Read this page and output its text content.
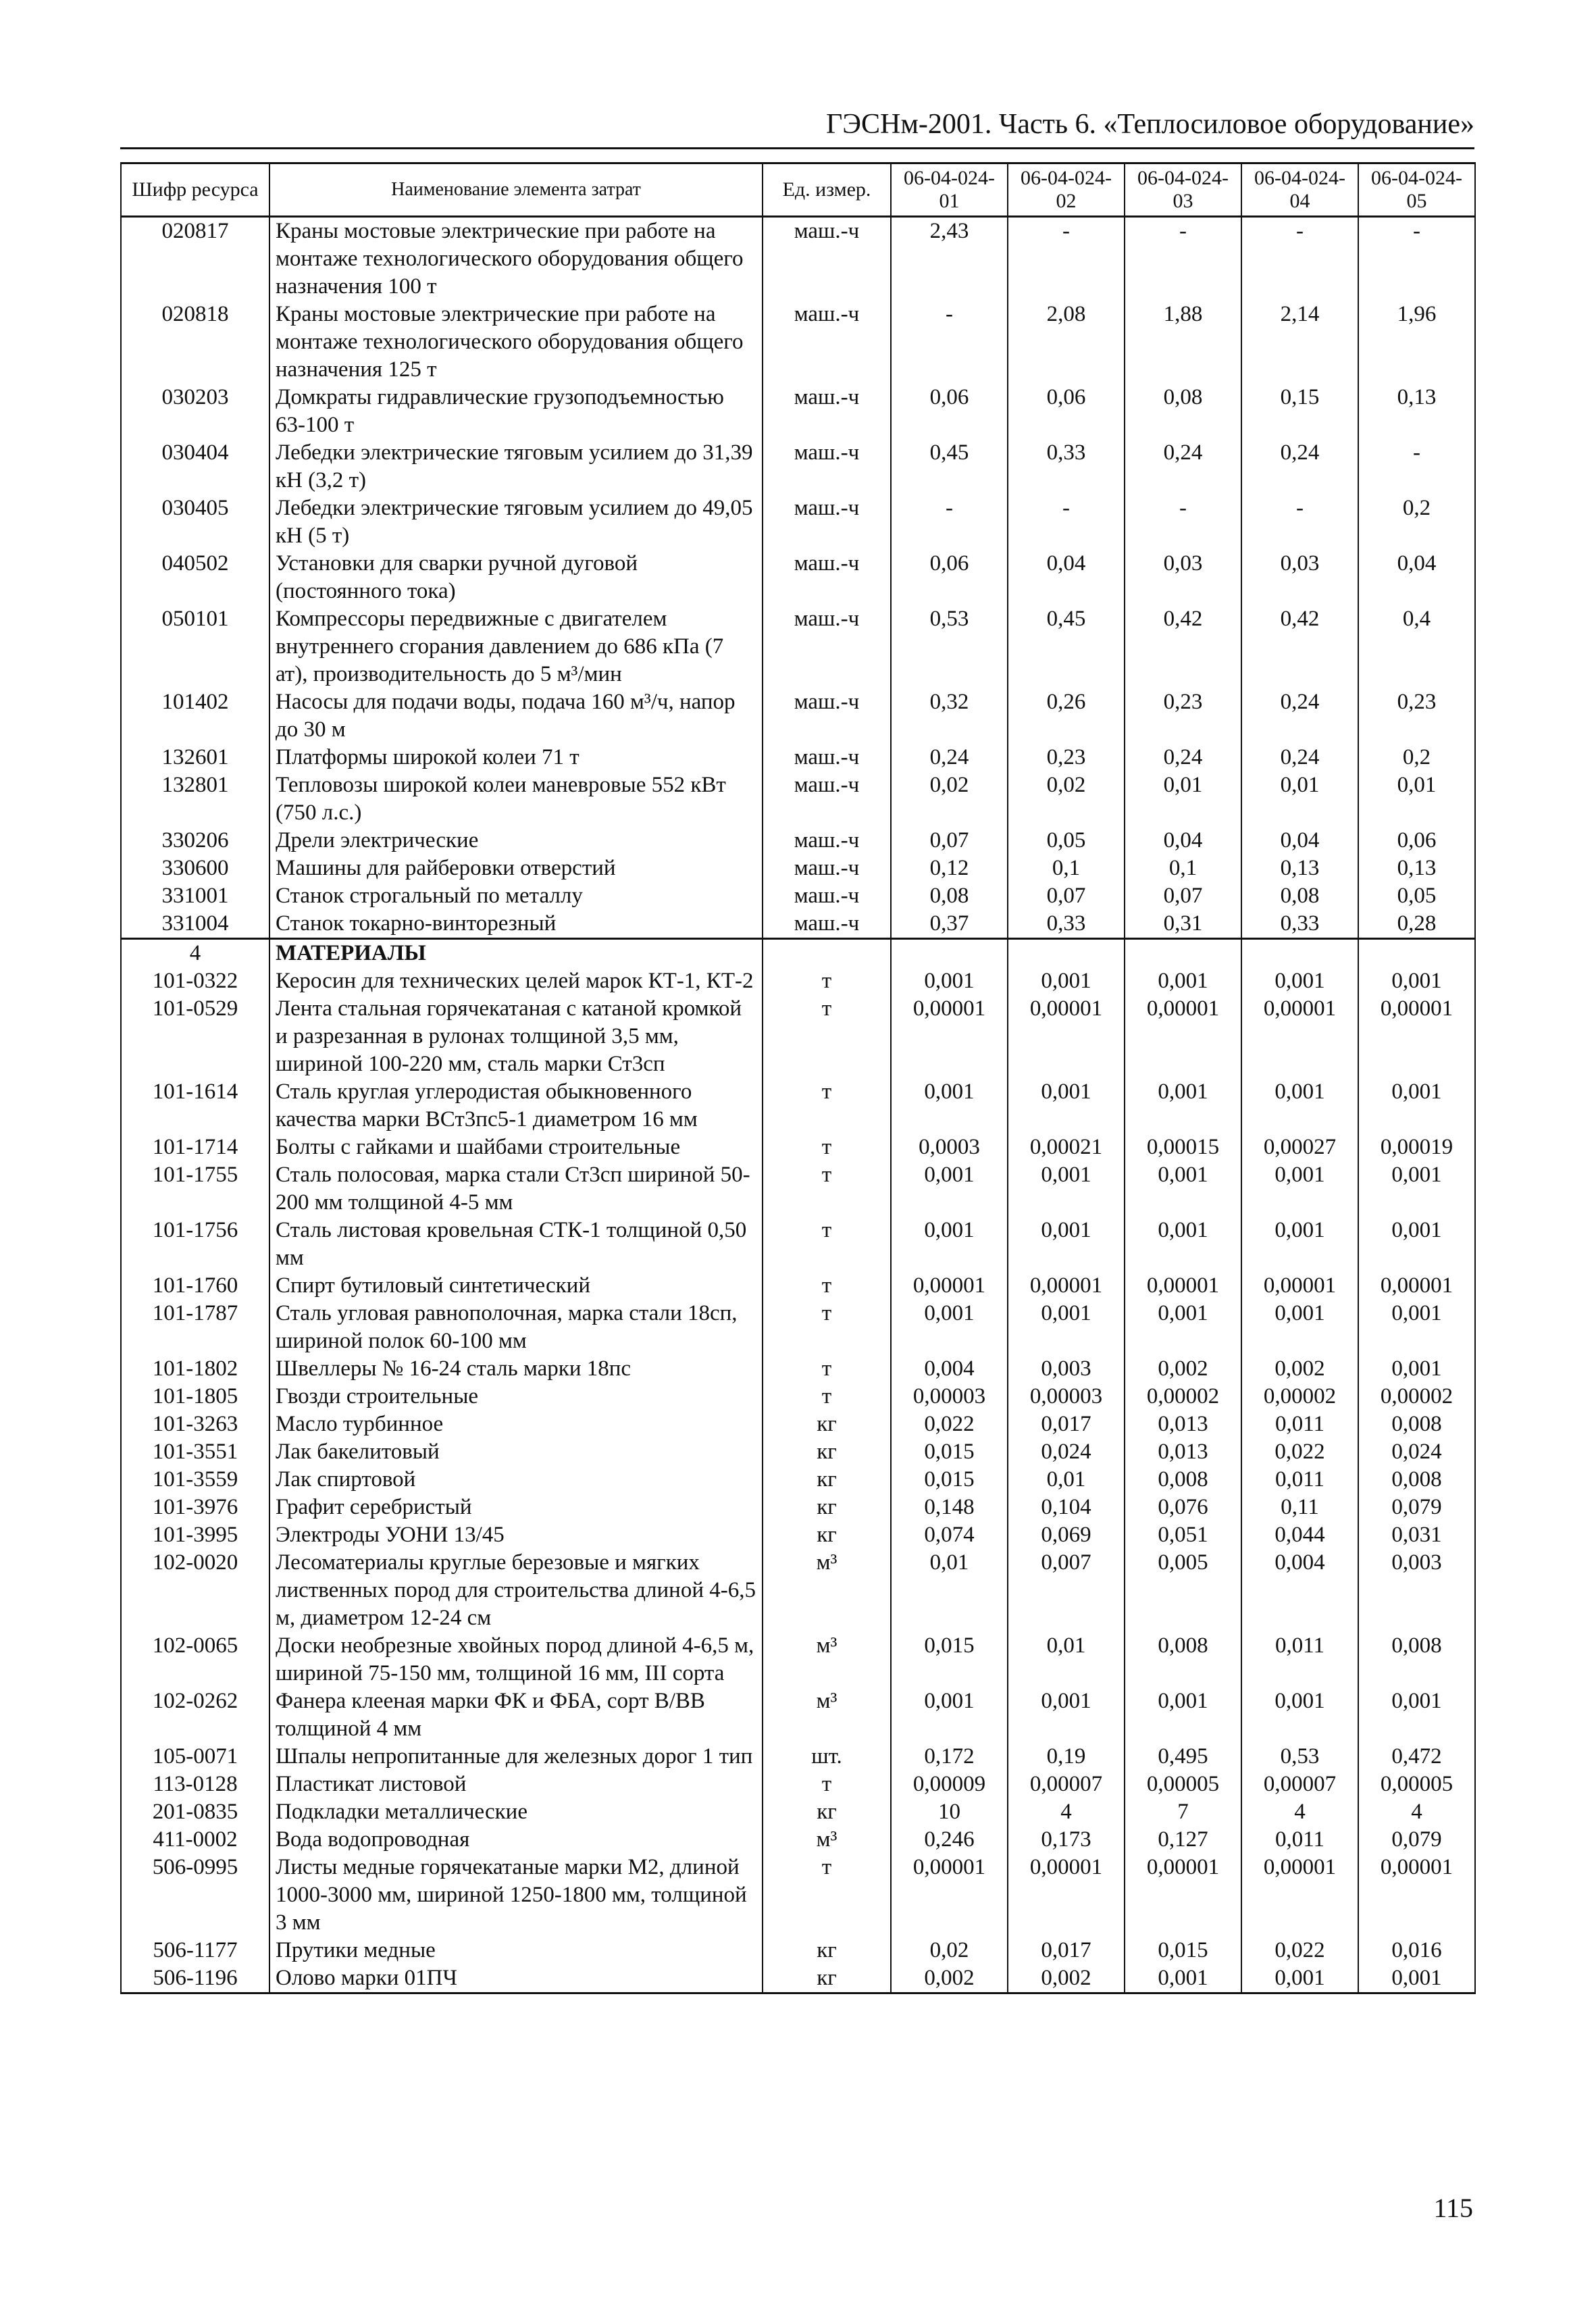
ГЭСНм-2001. Часть 6. «Теплосиловое оборудование»
Шифр ресурса	Наименование элемента затрат	Ед. измер.	06-04-024-01	06-04-024-02	06-04-024-03	06-04-024-04	06-04-024-05
020817	Краны мостовые электрические при работе на монтаже технологического оборудования общего назначения 100 т	маш.-ч	2,43	-	-	-	-
020818	Краны мостовые электрические при работе на монтаже технологического оборудования общего назначения 125 т	маш.-ч	-	2,08	1,88	2,14	1,96
030203	Домкраты гидравлические грузоподъемностью 63-100 т	маш.-ч	0,06	0,06	0,08	0,15	0,13
030404	Лебедки электрические тяговым усилием до 31,39 кН (3,2 т)	маш.-ч	0,45	0,33	0,24	0,24	-
030405	Лебедки электрические тяговым усилием до 49,05 кН (5 т)	маш.-ч	-	-	-	-	0,2
040502	Установки для сварки ручной дуговой (постоянного тока)	маш.-ч	0,06	0,04	0,03	0,03	0,04
050101	Компрессоры передвижные с двигателем внутреннего сгорания давлением до 686 кПа (7 ат), производительность до 5 м³/мин	маш.-ч	0,53	0,45	0,42	0,42	0,4
101402	Насосы для подачи воды, подача 160 м³/ч, напор до 30 м	маш.-ч	0,32	0,26	0,23	0,24	0,23
132601	Платформы широкой колеи 71 т	маш.-ч	0,24	0,23	0,24	0,24	0,2
132801	Тепловозы широкой колеи маневровые 552 кВт (750 л.с.)	маш.-ч	0,02	0,02	0,01	0,01	0,01
330206	Дрели электрические	маш.-ч	0,07	0,05	0,04	0,04	0,06
330600	Машины для райберовки отверстий	маш.-ч	0,12	0,1	0,1	0,13	0,13
331001	Станок строгальный по металлу	маш.-ч	0,08	0,07	0,07	0,08	0,05
331004	Станок токарно-винторезный	маш.-ч	0,37	0,33	0,31	0,33	0,28
4	МАТЕРИАЛЫ						
101-0322	Керосин для технических целей марок КТ-1, КТ-2	т	0,001	0,001	0,001	0,001	0,001
101-0529	Лента стальная горячекатаная с катаной кромкой и разрезанная в рулонах толщиной 3,5 мм, шириной 100-220 мм, сталь марки Ст3сп	т	0,00001	0,00001	0,00001	0,00001	0,00001
101-1614	Сталь круглая углеродистая обыкновенного качества марки ВСт3пс5-1 диаметром 16 мм	т	0,001	0,001	0,001	0,001	0,001
101-1714	Болты с гайками и шайбами строительные	т	0,0003	0,00021	0,00015	0,00027	0,00019
101-1755	Сталь полосовая, марка стали Ст3сп шириной 50-200 мм толщиной 4-5 мм	т	0,001	0,001	0,001	0,001	0,001
101-1756	Сталь листовая кровельная СТК-1 толщиной 0,50 мм	т	0,001	0,001	0,001	0,001	0,001
101-1760	Спирт бутиловый синтетический	т	0,00001	0,00001	0,00001	0,00001	0,00001
101-1787	Сталь угловая равнополочная, марка стали 18сп, шириной полок 60-100 мм	т	0,001	0,001	0,001	0,001	0,001
101-1802	Швеллеры № 16-24 сталь марки 18пс	т	0,004	0,003	0,002	0,002	0,001
101-1805	Гвозди строительные	т	0,00003	0,00003	0,00002	0,00002	0,00002
101-3263	Масло турбинное	кг	0,022	0,017	0,013	0,011	0,008
101-3551	Лак бакелитовый	кг	0,015	0,024	0,013	0,022	0,024
101-3559	Лак спиртовой	кг	0,015	0,01	0,008	0,011	0,008
101-3976	Графит серебристый	кг	0,148	0,104	0,076	0,11	0,079
101-3995	Электроды УОНИ 13/45	кг	0,074	0,069	0,051	0,044	0,031
102-0020	Лесоматериалы круглые березовые и мягких лиственных пород для строительства длиной 4-6,5 м, диаметром 12-24 см	м³	0,01	0,007	0,005	0,004	0,003
102-0065	Доски необрезные хвойных пород длиной 4-6,5 м, шириной 75-150 мм, толщиной 16 мм, III сорта	м³	0,015	0,01	0,008	0,011	0,008
102-0262	Фанера клееная марки ФК и ФБА, сорт В/ВВ толщиной 4 мм	м³	0,001	0,001	0,001	0,001	0,001
105-0071	Шпалы непропитанные для железных дорог 1 тип	шт.	0,172	0,19	0,495	0,53	0,472
113-0128	Пластикат листовой	т	0,00009	0,00007	0,00005	0,00007	0,00005
201-0835	Подкладки металлические	кг	10	4	7	4	4
411-0002	Вода водопроводная	м³	0,246	0,173	0,127	0,011	0,079
506-0995	Листы медные горячекатаные марки М2, длиной 1000-3000 мм, шириной 1250-1800 мм, толщиной 3 мм	т	0,00001	0,00001	0,00001	0,00001	0,00001
506-1177	Прутики медные	кг	0,02	0,017	0,015	0,022	0,016
506-1196	Олово марки 01ПЧ	кг	0,002	0,002	0,001	0,001	0,001
115
